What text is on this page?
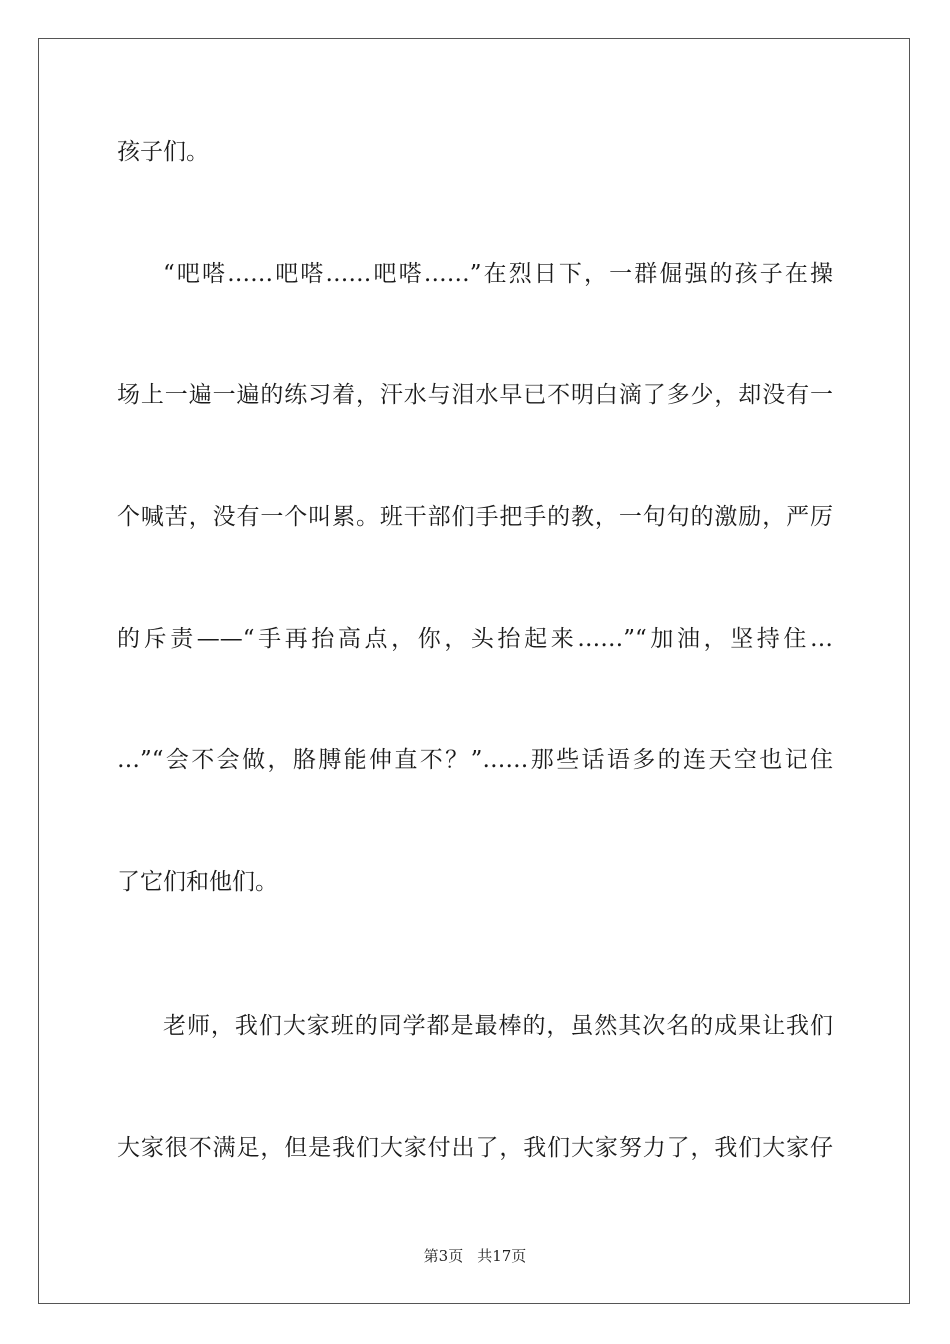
孩子们。
“吧嗒……吧嗒……吧嗒……”在烈日下，一群倔强的孩子在操
场上一遍一遍的练习着，汗水与泪水早已不明白滴了多少，却没有一
个喊苦，没有一个叫累。班干部们手把手的教，一句句的激励，严厉
的斥责——“手再抬高点，你，头抬起来……”“加油，坚持住…
…”“会不会做，胳膊能伸直不？”……那些话语多的连天空也记住
了它们和他们。
老师，我们大家班的同学都是最棒的，虽然其次名的成果让我们
大家很不满足，但是我们大家付出了，我们大家努力了，我们大家仔
第3页 共17页
